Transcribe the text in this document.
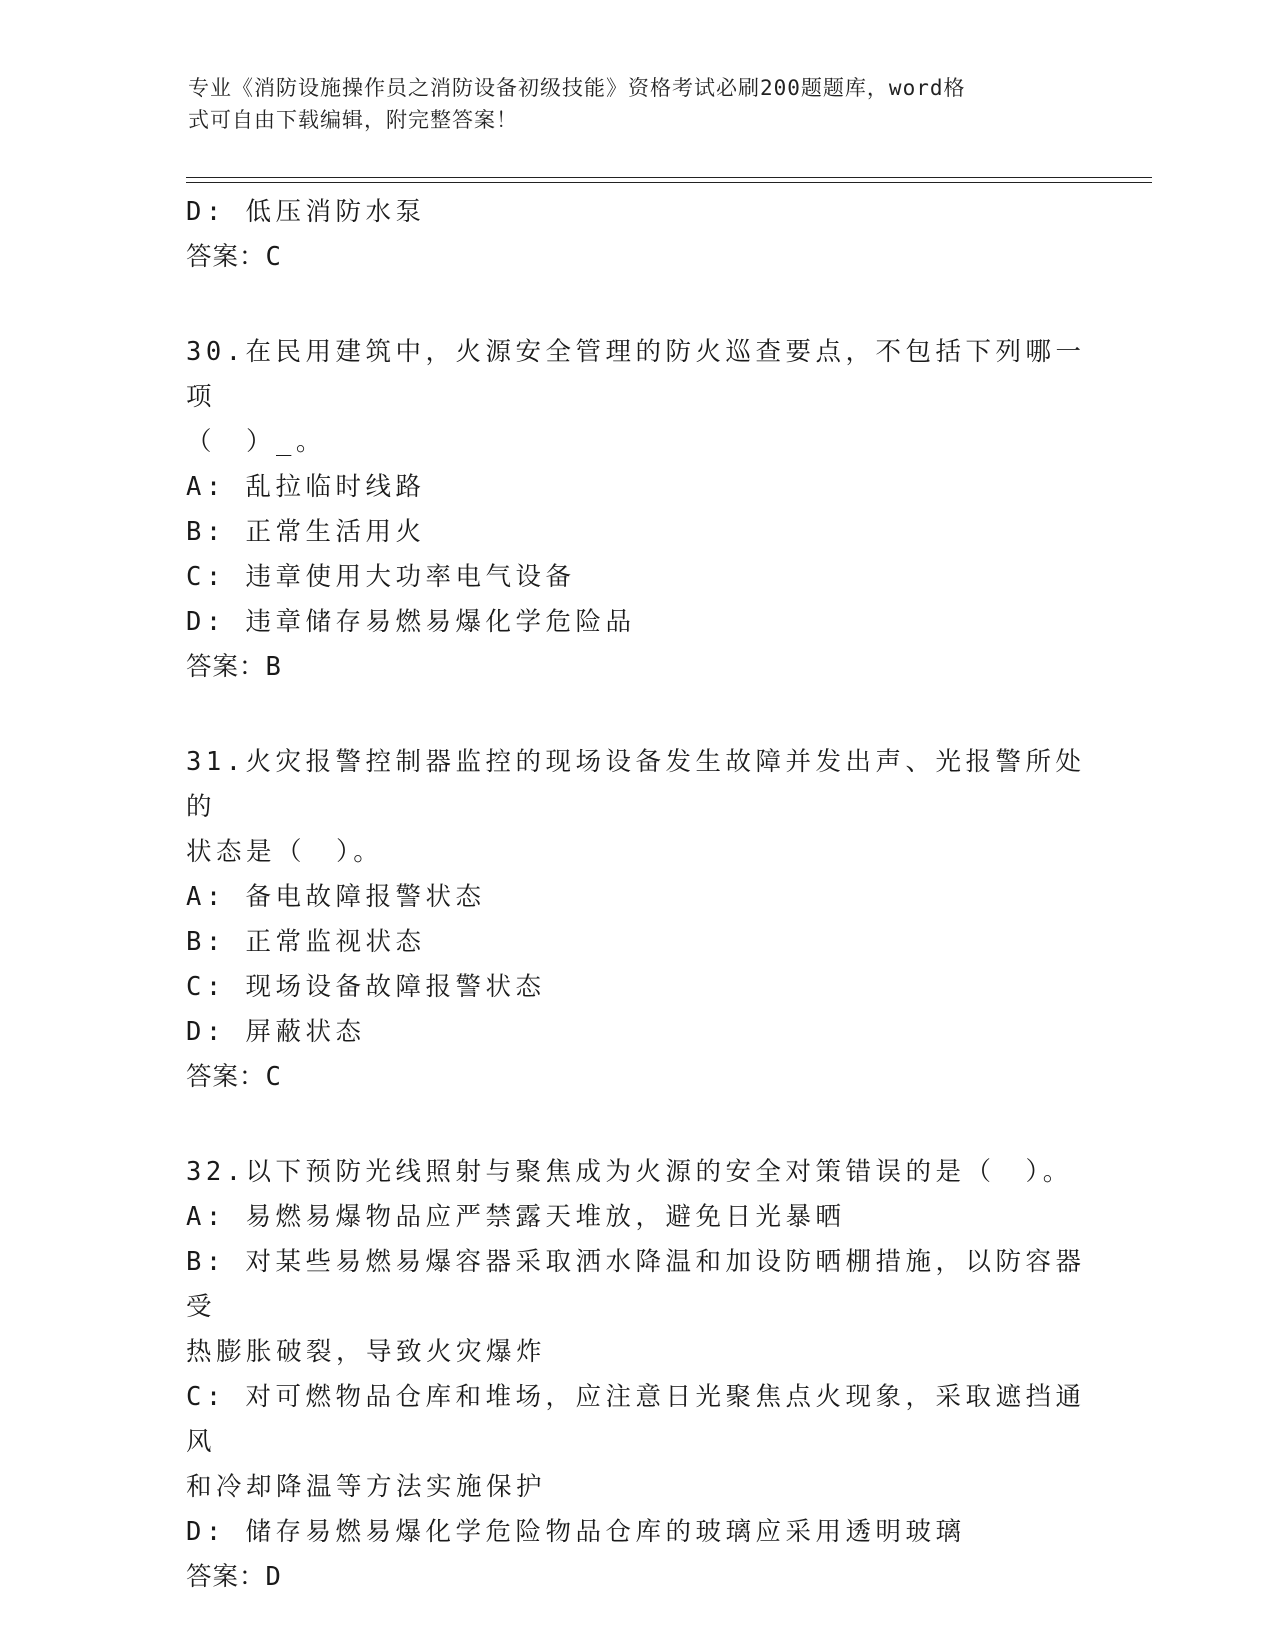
专业《消防设施操作员之消防设备初级技能》资格考试必刷200题题库，word格
式可自由下载编辑，附完整答案！

D: 低压消防水泵

答案：C

30.在民用建筑中，火源安全管理的防火巡查要点，不包括下列哪一项

（　）_。

A: 乱拉临时线路

B: 正常生活用火

C: 违章使用大功率电气设备

D: 违章储存易燃易爆化学危险品

答案：B

31.火灾报警控制器监控的现场设备发生故障并发出声、光报警所处的

状态是（　）。

A: 备电故障报警状态

B: 正常监视状态

C: 现场设备故障报警状态

D: 屏蔽状态

答案：C

32.以下预防光线照射与聚焦成为火源的安全对策错误的是（　）。

A: 易燃易爆物品应严禁露天堆放，避免日光暴晒

B: 对某些易燃易爆容器采取洒水降温和加设防晒棚措施，以防容器受

热膨胀破裂，导致火灾爆炸

C: 对可燃物品仓库和堆场，应注意日光聚焦点火现象，采取遮挡通风

和冷却降温等方法实施保护

D: 储存易燃易爆化学危险物品仓库的玻璃应采用透明玻璃

答案：D
